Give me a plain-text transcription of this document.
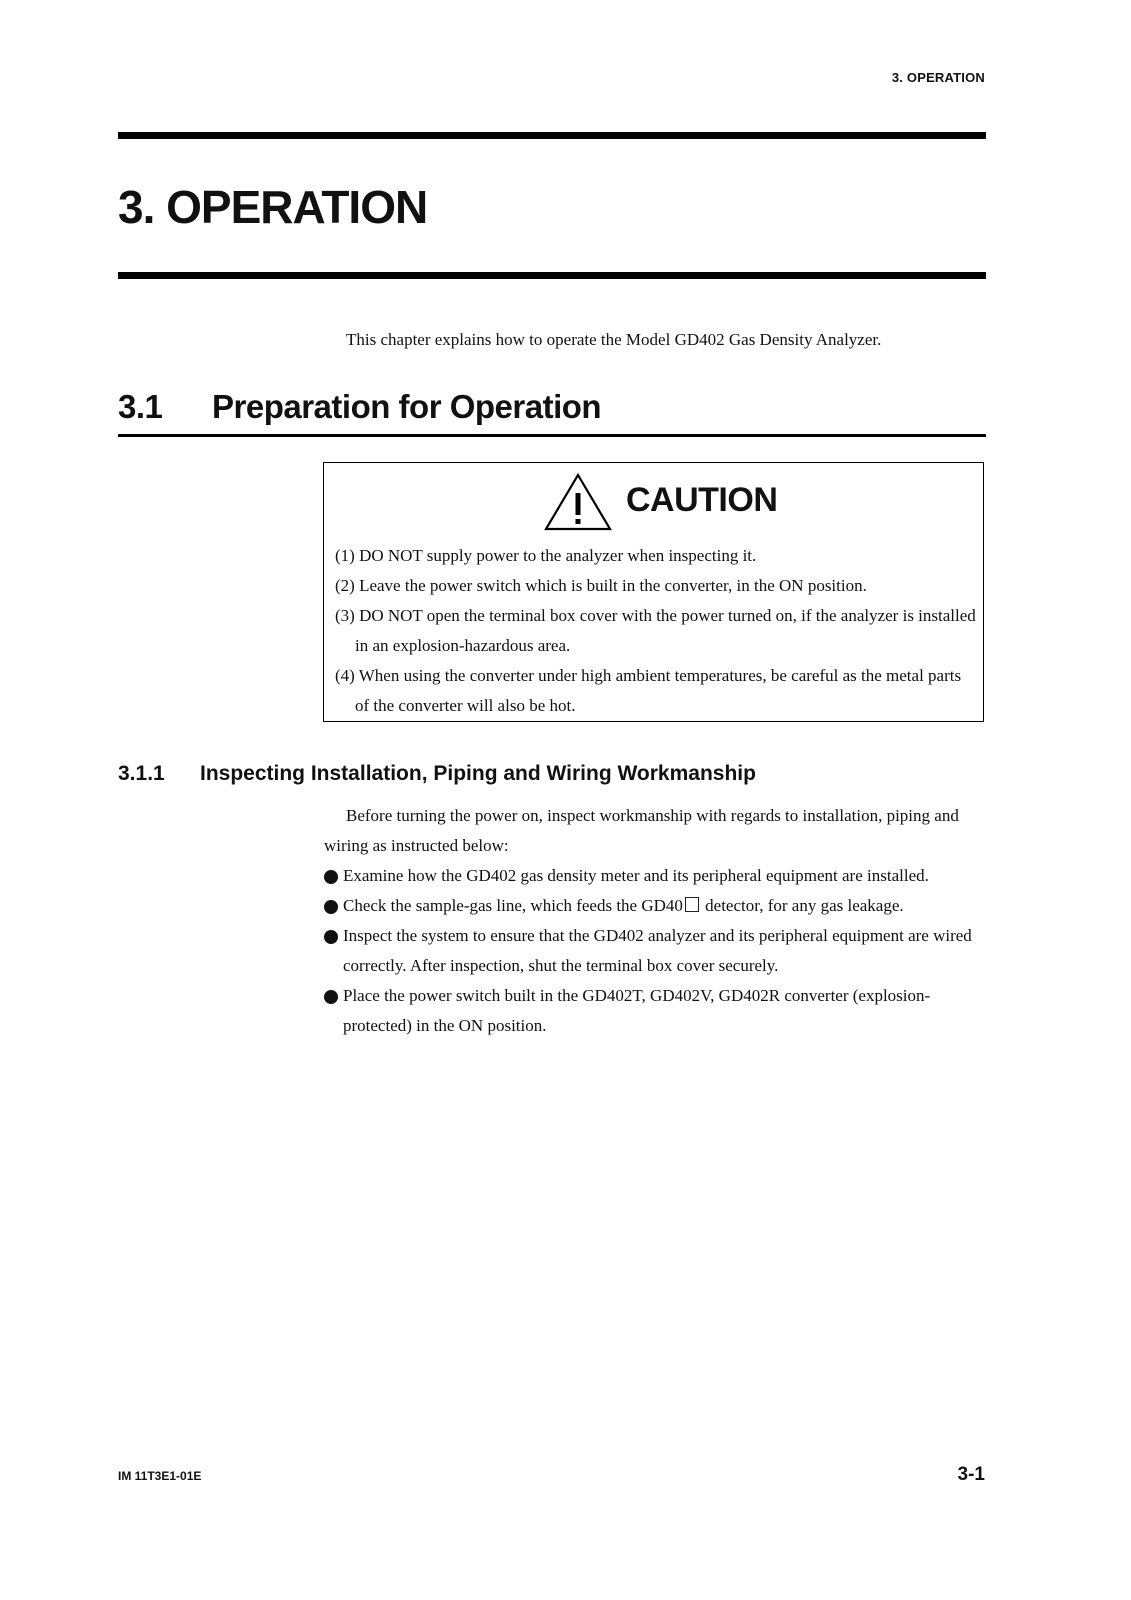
3. OPERATION
3. OPERATION

This chapter explains how to operate the Model GD402 Gas Density Analyzer.

3.1 Preparation for Operation
CAUTION
(1) DO NOT supply power to the analyzer when inspecting it.
(2) Leave the power switch which is built in the converter, in the ON position.
(3) DO NOT open the terminal box cover with the power turned on, if the analyzer is installed in an explosion-hazardous area.
(4) When using the converter under high ambient temperatures, be careful as the metal parts of the converter will also be hot.
3.1.1 Inspecting Installation, Piping and Wiring Workmanship

Before turning the power on, inspect workmanship with regards to installation, piping and wiring as instructed below:

Examine how the GD402 gas density meter and its peripheral equipment are installed.
Check the sample-gas line, which feeds the GD40 detector, for any gas leakage.
Inspect the system to ensure that the GD402 analyzer and its peripheral equipment are wired correctly. After inspection, shut the terminal box cover securely.
Place the power switch built in the GD402T, GD402V, GD402R converter (explosion-protected) in the ON position.
IM 11T3E1-01E	3-1
